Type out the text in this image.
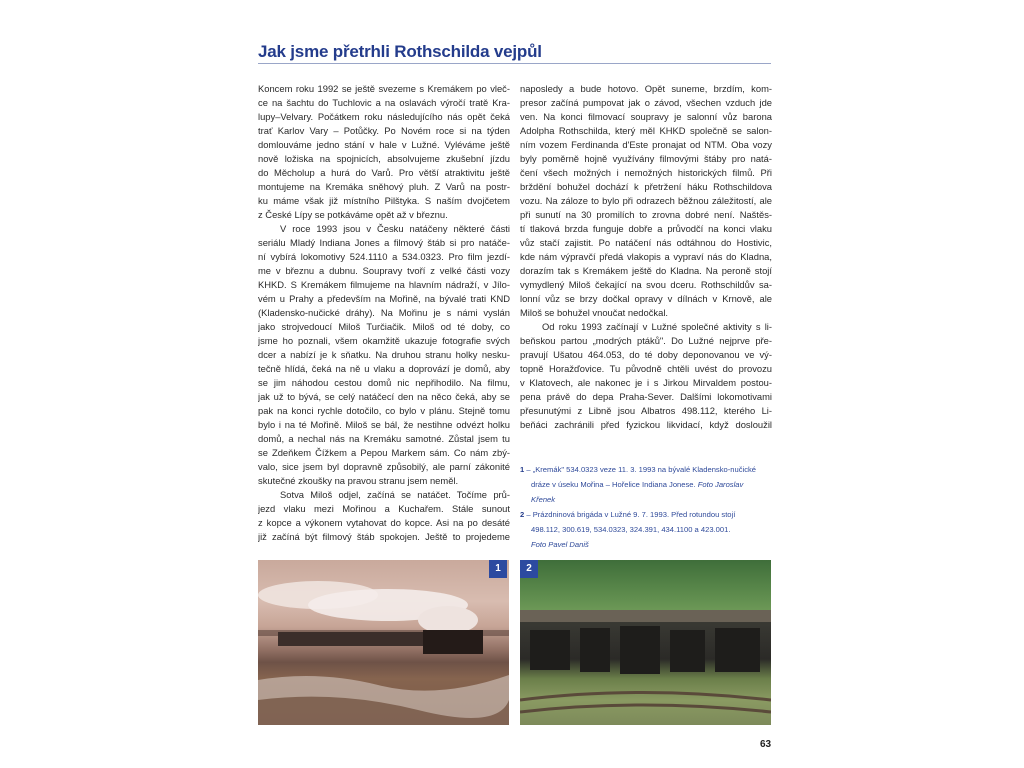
Jak jsme přetrhli Rothschilda vejpůl
Koncem roku 1992 se ještě svezeme s Kremákem po vleč-
ce na šachtu do Tuchlovic a na oslavách výročí tratě Kra-
lupy–Velvary. Počátkem roku následujícího nás opět čeká
trať Karlov Vary – Potůčky. Po Novém roce si na týden
domlouváme jedno stání v hale v Lužné. Vyléváme ještě
nově ložiska na spojnicích, absolvujeme zkušební jízdu
do Měcholup a hurá do Varů. Pro větší atraktivitu ještě
montujeme na Kremáka sněhový pluh. Z Varů na postr-
ku máme však již místního Pilštyka. S naším dvojčetem
z České Lípy se potkáváme opět až v březnu.
V roce 1993 jsou v Česku natáčeny některé části
seriálu Mladý Indiana Jones a filmový štáb si pro natáče-
ní vybírá lokomotivy 524.1110 a 534.0323. Pro film jezdí-
me v březnu a dubnu. Soupravy tvoří z velké části vozy
KHKD. S Kremákem filmujeme na hlavním nádraží, v Jílo-
vém u Prahy a především na Mořině, na bývalé trati KND
(Kladensko-nučické dráhy). Na Mořinu je s námi vyslán
jako strojvedoucí Miloš Turčiačik. Miloš od té doby, co
jsme ho poznali, všem okamžitě ukazuje fotografie svých
dcer a nabízí je k sňatku. Na druhou stranu holky nesku-
tečně hlídá, čeká na ně u vlaku a doprovází je domů, aby
se jim náhodou cestou domů nic nepřihodilo. Na filmu,
jak už to bývá, se celý natáčecí den na něco čeká, aby se
pak na konci rychle dotočilo, co bylo v plánu. Stejně tomu
bylo i na té Mořině. Miloš se bál, že nestihne odvézt holku
domů, a nechal nás na Kremáku samotné. Zůstal jsem tu
se Zdeňkem Čížkem a Pepou Markem sám. Co nám zbý-
valo, sice jsem byl dopravně způsobilý, ale parní zákonité
skutečné zkoušky na pravou stranu jsem neměl.
Sotva Miloš odjel, začíná se natáčet. Točíme prů-
jezd vlaku mezi Mořinou a Kuchařem. Stále sunout
z kopce a výkonem vytahovat do kopce. Asi na po desáté
již začíná být filmový štáb spokojen. Ještě to projedeme
naposledy a bude hotovo. Opět suneme, brzdím, kom-
presor začíná pumpovat jak o závod, všechen vzduch jde
ven. Na konci filmovací soupravy je salonní vůz barona
Adolpha Rothschilda, který měl KHKD společně se salon-
ním vozem Ferdinanda d'Este pronajat od NTM. Oba vozy
byly poměrně hojně využívány filmovými štáby pro natá-
čení všech možných i nemožných historických filmů. Při
brždění bohužel dochází k přetržení háku Rothschildova
vozu. Na záloze to bylo při odrazech běžnou záležitostí, ale
při sunutí na 30 promilích to zrovna dobré není. Naštěs-
tí tlaková brzda funguje dobře a průvodčí na konci vlaku
vůz stačí zajistit. Po natáčení nás odtáhnou do Hostivic,
kde nám výpravčí předá vlakopis a vypraví nás do Kladna,
dorazím tak s Kremákem ještě do Kladna. Na peroně stojí
vymydlený Miloš čekající na svou dceru. Rothschildův sa-
lonní vůz se brzy dočkal opravy v dílnách v Krnově, ale
Miloš se bohužel vnoučat nedočkal.
Od roku 1993 začínají v Lužné společné aktivity s li-
beňskou partou „modrých ptáků". Do Lužné nejprve pře-
pravují Ušatou 464.053, do té doby deponovanou ve vý-
topně Horažďovice. Tu původně chtěli uvést do provozu
v Klatovech, ale nakonec je i s Jirkou Mirvaldem postou-
pena právě do depa Praha-Sever. Dalšími lokomotivami
přesunutými z Libně jsou Albatros 498.112, kterého Li-
beňáci zachránili před fyzickou likvidací, když dosloužil
1 – „Kremák" 534.0323 veze 11. 3. 1993 na bývalé Kladensko-nučické
dráze v úseku Mořina – Hořelice Indiana Jonese. Foto Jaroslav
Křenek
2 – Prázdninová brigáda v Lužné 9. 7. 1993. Před rotundou stojí
498.112, 300.619, 534.0323, 324.391, 434.1100 a 423.001.
Foto Pavel Daniš
1	2
63
